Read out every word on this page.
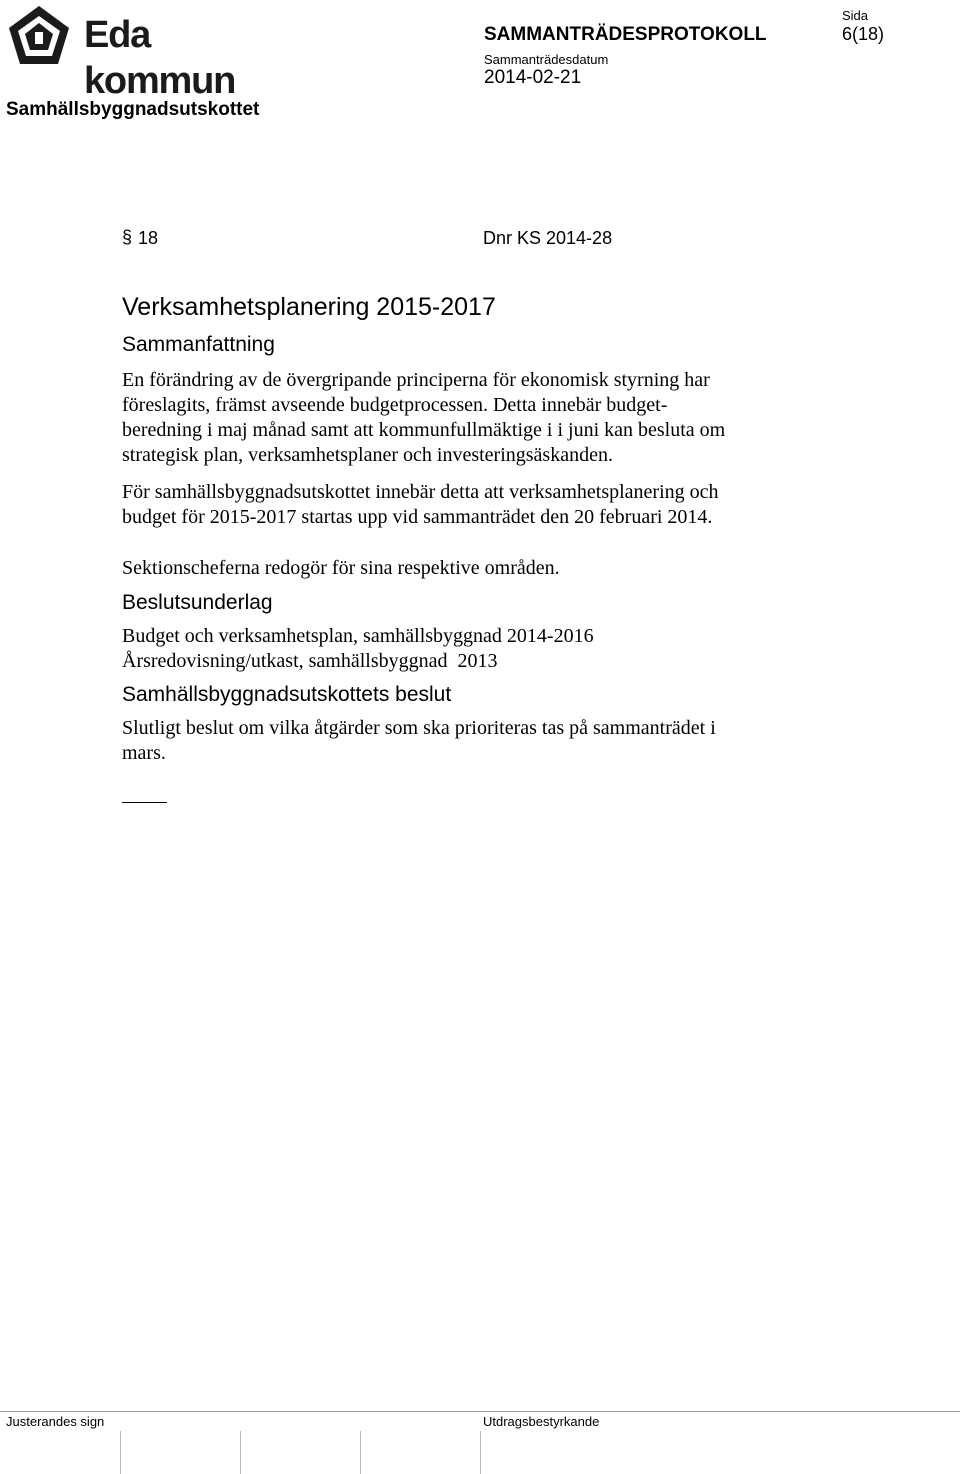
Eda kommun
SAMMANTRÄDESPROTOKOLL
Sammanträdesdatum
2014-02-21
Sida
6(18)
Samhällsbyggnadsutskottet
§ 18	Dnr KS 2014-28
Verksamhetsplanering 2015-2017
Sammanfattning
En förändring av de övergripande principerna för ekonomisk styrning har
föreslagits, främst avseende budgetprocessen. Detta innebär budget-
beredning i maj månad samt att kommunfullmäktige i i juni kan besluta om
strategisk plan, verksamhetsplaner och investeringsäskanden.
För samhällsbyggnadsutskottet innebär detta att verksamhetsplanering och
budget för 2015-2017 startas upp vid sammanträdet den 20 februari 2014.
Sektionscheferna redogör för sina respektive områden.
Beslutsunderlag
Budget och verksamhetsplan, samhällsbyggnad 2014-2016
Årsredovisning/utkast, samhällsbyggnad  2013
Samhällsbyggnadsutskottets beslut
Slutligt beslut om vilka åtgärder som ska prioriteras tas på sammanträdet i
mars.
Justerandes sign	Utdragsbestyrkande
